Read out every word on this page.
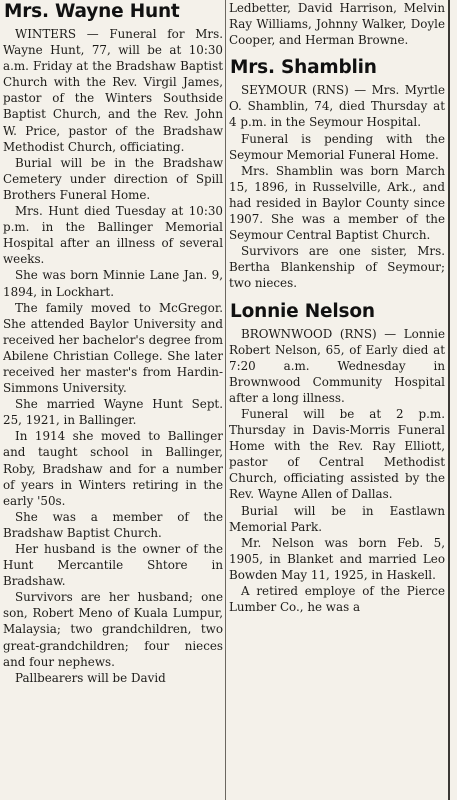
Mrs. Wayne Hunt

WINTERS — Funeral for Mrs. Wayne Hunt, 77, will be at 10:30 a.m. Friday at the Bradshaw Baptist Church with the Rev. Virgil James, pastor of the Winters Southside Baptist Church, and the Rev. John W. Price, pastor of the Bradshaw Methodist Church, officiating.

Burial will be in the Bradshaw Cemetery under direction of Spill Brothers Funeral Home.

Mrs. Hunt died Tuesday at 10:30 p.m. in the Ballinger Memorial Hospital after an illness of several weeks.

She was born Minnie Lane Jan. 9, 1894, in Lockhart.

The family moved to McGregor. She attended Baylor University and received her bachelor's degree from Abilene Christian College. She later received her master's from Hardin-Simmons University.

She married Wayne Hunt Sept. 25, 1921, in Ballinger.

In 1914 she moved to Ballinger and taught school in Ballinger, Roby, Bradshaw and for a number of years in Winters retiring in the early '50s.

She was a member of the Bradshaw Baptist Church.

Her husband is the owner of the Hunt Mercantile Shtore in Bradshaw.

Survivors are her husband; one son, Robert Meno of Kuala Lumpur, Malaysia; two grandchildren, two great-grandchildren; four nieces and four nephews.

Pallbearers will be David

Ledbetter, David Harrison, Melvin Ray Williams, Johnny Walker, Doyle Cooper, and Herman Browne.

Mrs. Shamblin

SEYMOUR (RNS) — Mrs. Myrtle O. Shamblin, 74, died Thursday at 4 p.m. in the Seymour Hospital.

Funeral is pending with the Seymour Memorial Funeral Home.

Mrs. Shamblin was born March 15, 1896, in Russelville, Ark., and had resided in Baylor County since 1907. She was a member of the Seymour Central Baptist Church.

Survivors are one sister, Mrs. Bertha Blankenship of Seymour; two nieces.

Lonnie Nelson

BROWNWOOD (RNS) — Lonnie Robert Nelson, 65, of Early died at 7:20 a.m. Wednesday in Brownwood Community Hospital after a long illness.

Funeral will be at 2 p.m. Thursday in Davis-Morris Funeral Home with the Rev. Ray Elliott, pastor of Central Methodist Church, officiating assisted by the Rev. Wayne Allen of Dallas.

Burial will be in Eastlawn Memorial Park.

Mr. Nelson was born Feb. 5, 1905, in Blanket and married Leo Bowden May 11, 1925, in Haskell.

A retired employe of the Pierce Lumber Co., he was a
